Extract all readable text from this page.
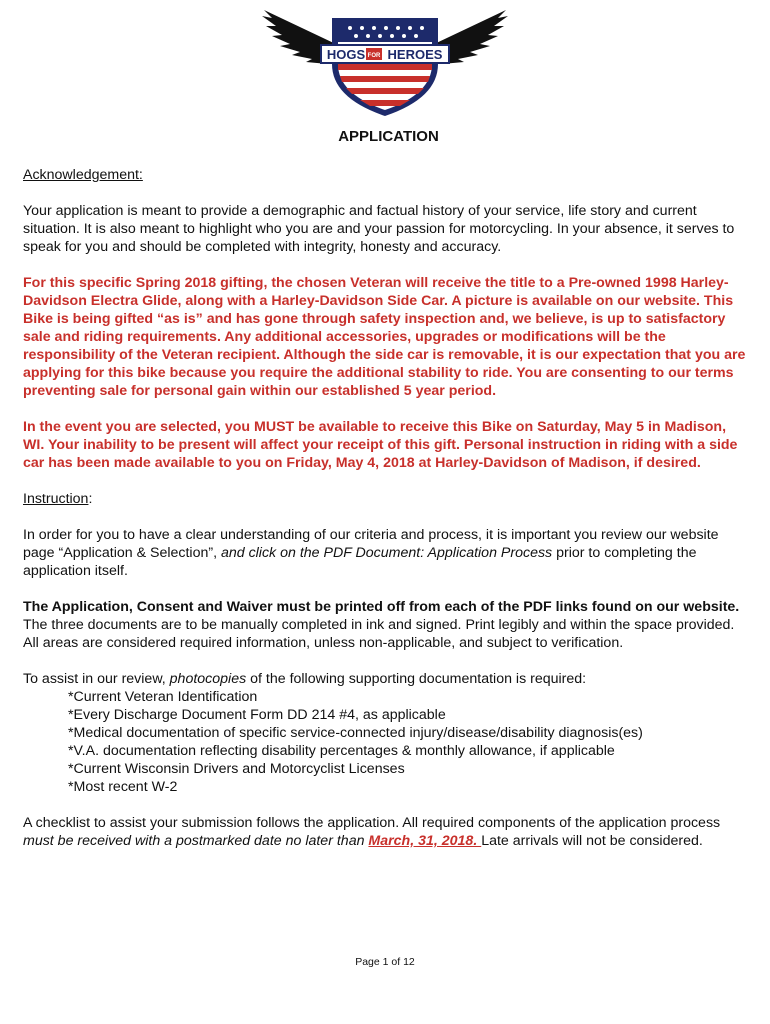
HOGS FOR HEROES

APPLICATION

Acknowledgement:

Your application is meant to provide a demographic and factual history of your service, life story and current situation. It is also meant to highlight who you are and your passion for motorcycling. In your absence, it serves to speak for you and should be completed with integrity, honesty and accuracy.

For this specific Spring 2018 gifting, the chosen Veteran will receive the title to a Pre-owned 1998 Harley-Davidson Electra Glide, along with a Harley-Davidson Side Car. A picture is available on our website. This Bike is being gifted “as is” and has gone through safety inspection and, we believe, is up to satisfactory sale and riding requirements. Any additional accessories, upgrades or modifications will be the responsibility of the Veteran recipient. Although the side car is removable, it is our expectation that you are applying for this bike because you require the additional stability to ride. You are consenting to our terms preventing sale for personal gain within our established 5 year period.

In the event you are selected, you MUST be available to receive this Bike on Saturday, May 5 in Madison, WI. Your inability to be present will affect your receipt of this gift. Personal instruction in riding with a side car has been made available to you on Friday, May 4, 2018 at Harley-Davidson of Madison, if desired.

Instruction:

In order for you to have a clear understanding of our criteria and process, it is important you review our website page “Application & Selection”, and click on the PDF Document: Application Process prior to completing the application itself.

The Application, Consent and Waiver must be printed off from each of the PDF links found on our website. The three documents are to be manually completed in ink and signed. Print legibly and within the space provided. All areas are considered required information, unless non-applicable, and subject to verification.

To assist in our review, photocopies of the following supporting documentation is required:

*Current Veteran Identification
*Every Discharge Document Form DD 214 #4, as applicable
*Medical documentation of specific service-connected injury/disease/disability diagnosis(es)
*V.A. documentation reflecting disability percentages & monthly allowance, if applicable
*Current Wisconsin Drivers and Motorcyclist Licenses
*Most recent W-2

A checklist to assist your submission follows the application. All required components of the application process must be received with a postmarked date no later than March, 31, 2018. Late arrivals will not be considered.

Page 1 of 12
